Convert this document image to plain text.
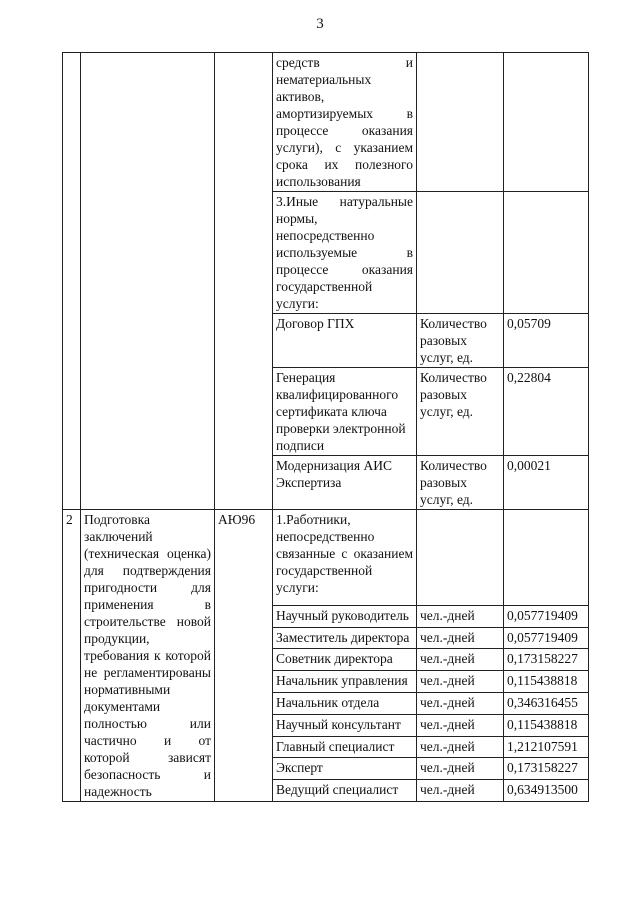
3
			средств и нематериальных активов, амортизируемых в процессе оказания услуги), с указанием срока их полезного использования		
			3.Иные натуральные нормы, непосредственно используемые в процессе оказания государственной услуги:		
			Договор ГПХ	Количество разовых услуг, ед.	0,05709
			Генерация квалифицированного сертификата ключа проверки электронной подписи	Количество разовых услуг, ед.	0,22804
			Модернизация АИС Экспертиза	Количество разовых услуг, ед.	0,00021
2	Подготовка заключений (техническая оценка) для подтверждения пригодности для применения в строительстве новой продукции, требования к которой не регламентированы нормативными документами полностью или частично и от которой зависят безопасность и надежность	АЮ96	1.Работники, непосредственно связанные с оказанием государственной услуги:		
			Научный руководитель	чел.-дней	0,057719409
			Заместитель директора	чел.-дней	0,057719409
			Советник директора	чел.-дней	0,173158227
			Начальник управления	чел.-дней	0,115438818
			Начальник отдела	чел.-дней	0,346316455
			Научный консультант	чел.-дней	0,115438818
			Главный специалист	чел.-дней	1,212107591
			Эксперт	чел.-дней	0,173158227
			Ведущий специалист	чел.-дней	0,634913500
